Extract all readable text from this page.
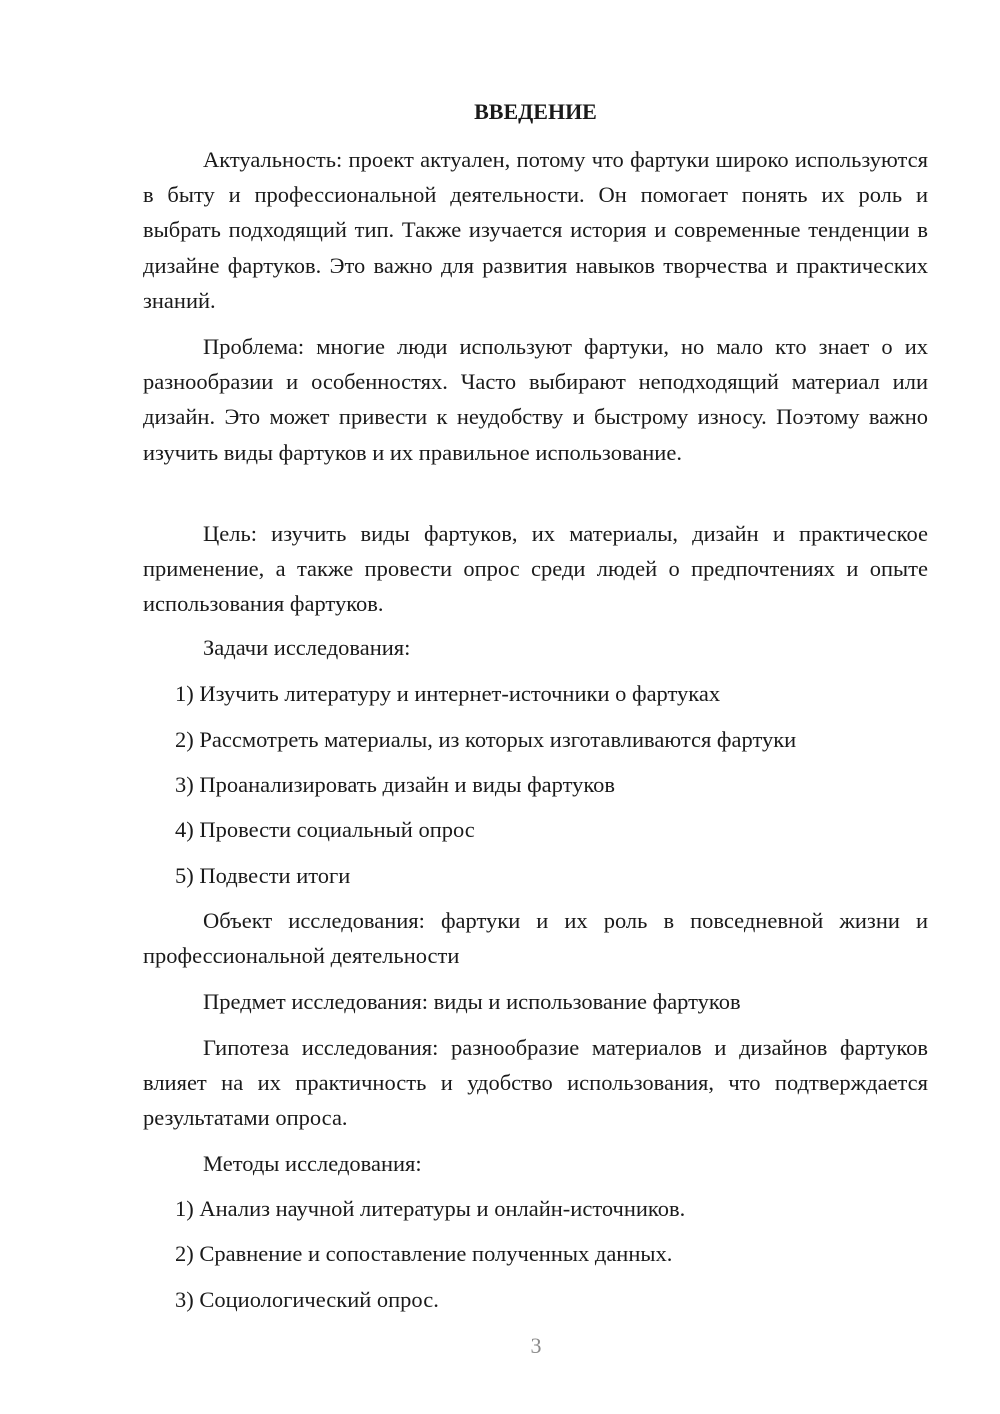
ВВЕДЕНИЕ

Актуальность: проект актуален, потому что фартуки широко используются в быту и профессиональной деятельности. Он помогает понять их роль и выбрать подходящий тип. Также изучается история и современные тенденции в дизайне фартуков. Это важно для развития навыков творчества и практических знаний.

Проблема: многие люди используют фартуки, но мало кто знает о их разнообразии и особенностях. Часто выбирают неподходящий материал или дизайн. Это может привести к неудобству и быстрому износу. Поэтому важно изучить виды фартуков и их правильное использование.

Цель: изучить виды фартуков, их материалы, дизайн и практическое применение, а также провести опрос среди людей о предпочтениях и опыте использования фартуков.

Задачи исследования:

1) Изучить литературу и интернет-источники о фартуках

2) Рассмотреть материалы, из которых изготавливаются фартуки

3) Проанализировать дизайн и виды фартуков

4) Провести социальный опрос

5) Подвести итоги

Объект исследования: фартуки и их роль в повседневной жизни и профессиональной деятельности

Предмет исследования: виды и использование фартуков

Гипотеза исследования: разнообразие материалов и дизайнов фартуков влияет на их практичность и удобство использования, что подтверждается результатами опроса.

Методы исследования:

1) Анализ научной литературы и онлайн-источников.

2) Сравнение и сопоставление полученных данных.

3) Социологический опрос.

3
